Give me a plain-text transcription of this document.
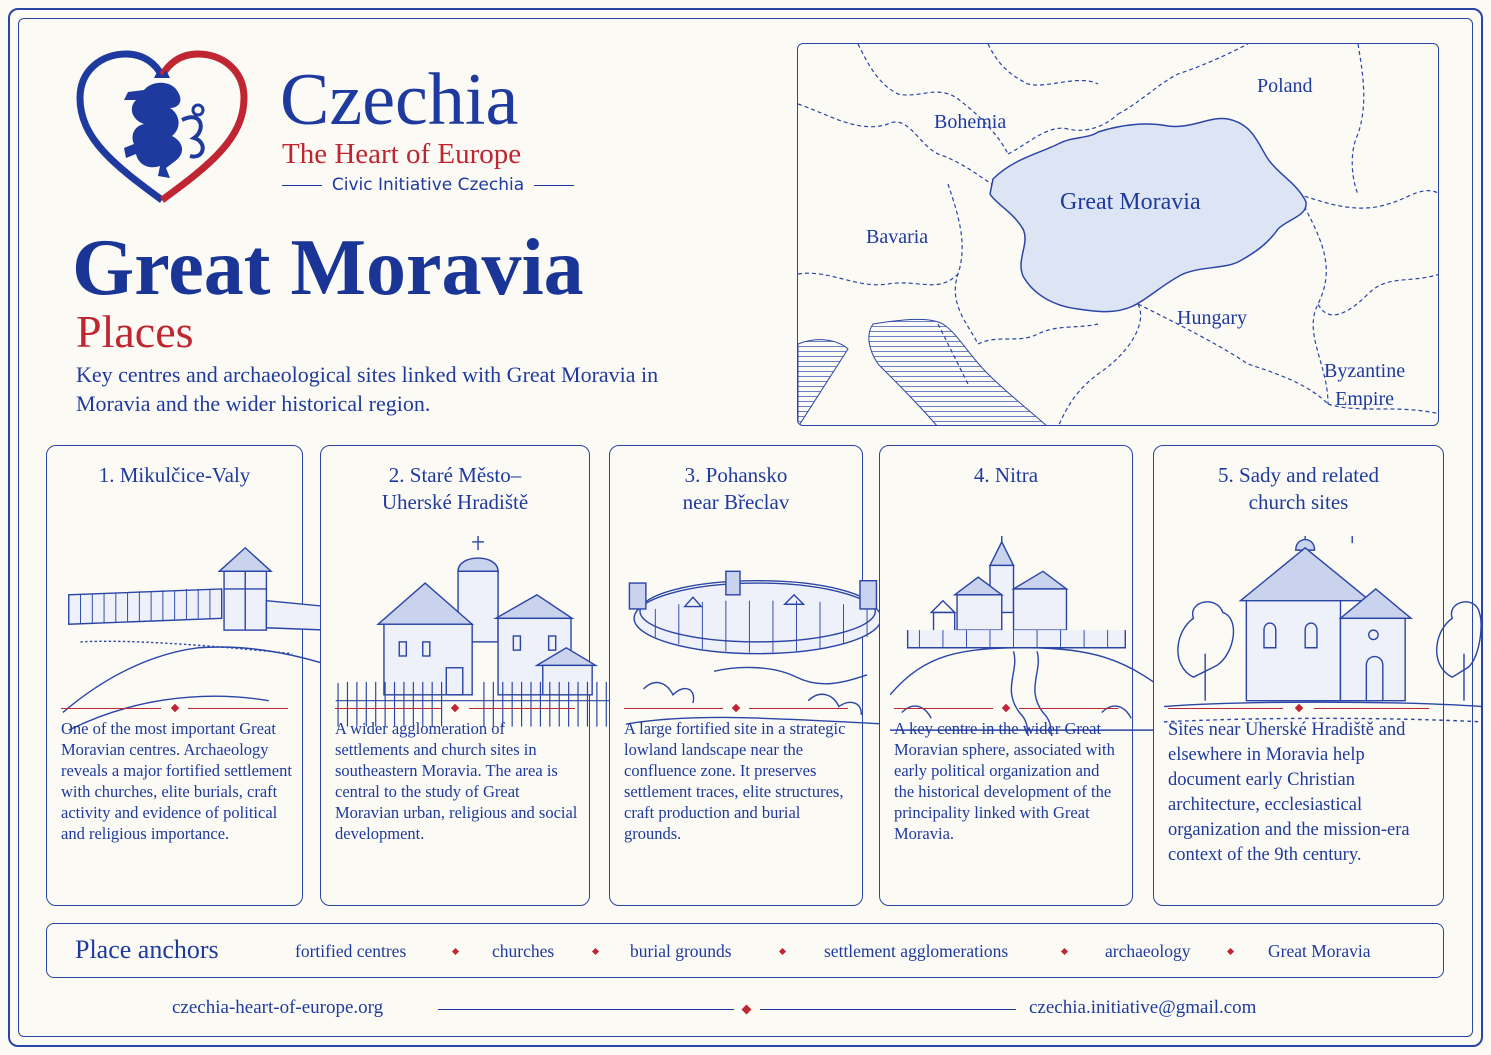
Czechia
The Heart of Europe
Civic Initiative Czechia
Great Moravia
Places
Key centres and archaeological sites linked with Great Moravia in Moravia and the wider historical region.
Bohemia
Poland
Great Moravia
Bavaria
Hungary
Byzantine
Empire
1. Mikulčice-Valy
One of the most important Great Moravian centres. Archaeology reveals a major fortified settlement with churches, elite burials, craft activity and evidence of political and religious importance.
2. Staré Město–
Uherské Hradiště
A wider agglomeration of settlements and church sites in southeastern Moravia. The area is central to the study of Great Moravian urban, religious and social development.
3. Pohansko
near Břeclav
A large fortified site in a strategic lowland landscape near the confluence zone. It preserves settlement traces, elite structures, craft production and burial grounds.
4. Nitra
A key centre in the wider Great Moravian sphere, associated with early political organization and the historical development of the principality linked with Great Moravia.
5. Sady and related
church sites
Sites near Uherské Hradiště and elsewhere in Moravia help document early Christian architecture, ecclesiastical organization and the mission-era context of the 9th century.
Place anchors	fortified centres	churches	burial grounds	settlement agglomerations	archaeology	Great Moravia
czechia-heart-of-europe.org	czechia.initiative@gmail.com
